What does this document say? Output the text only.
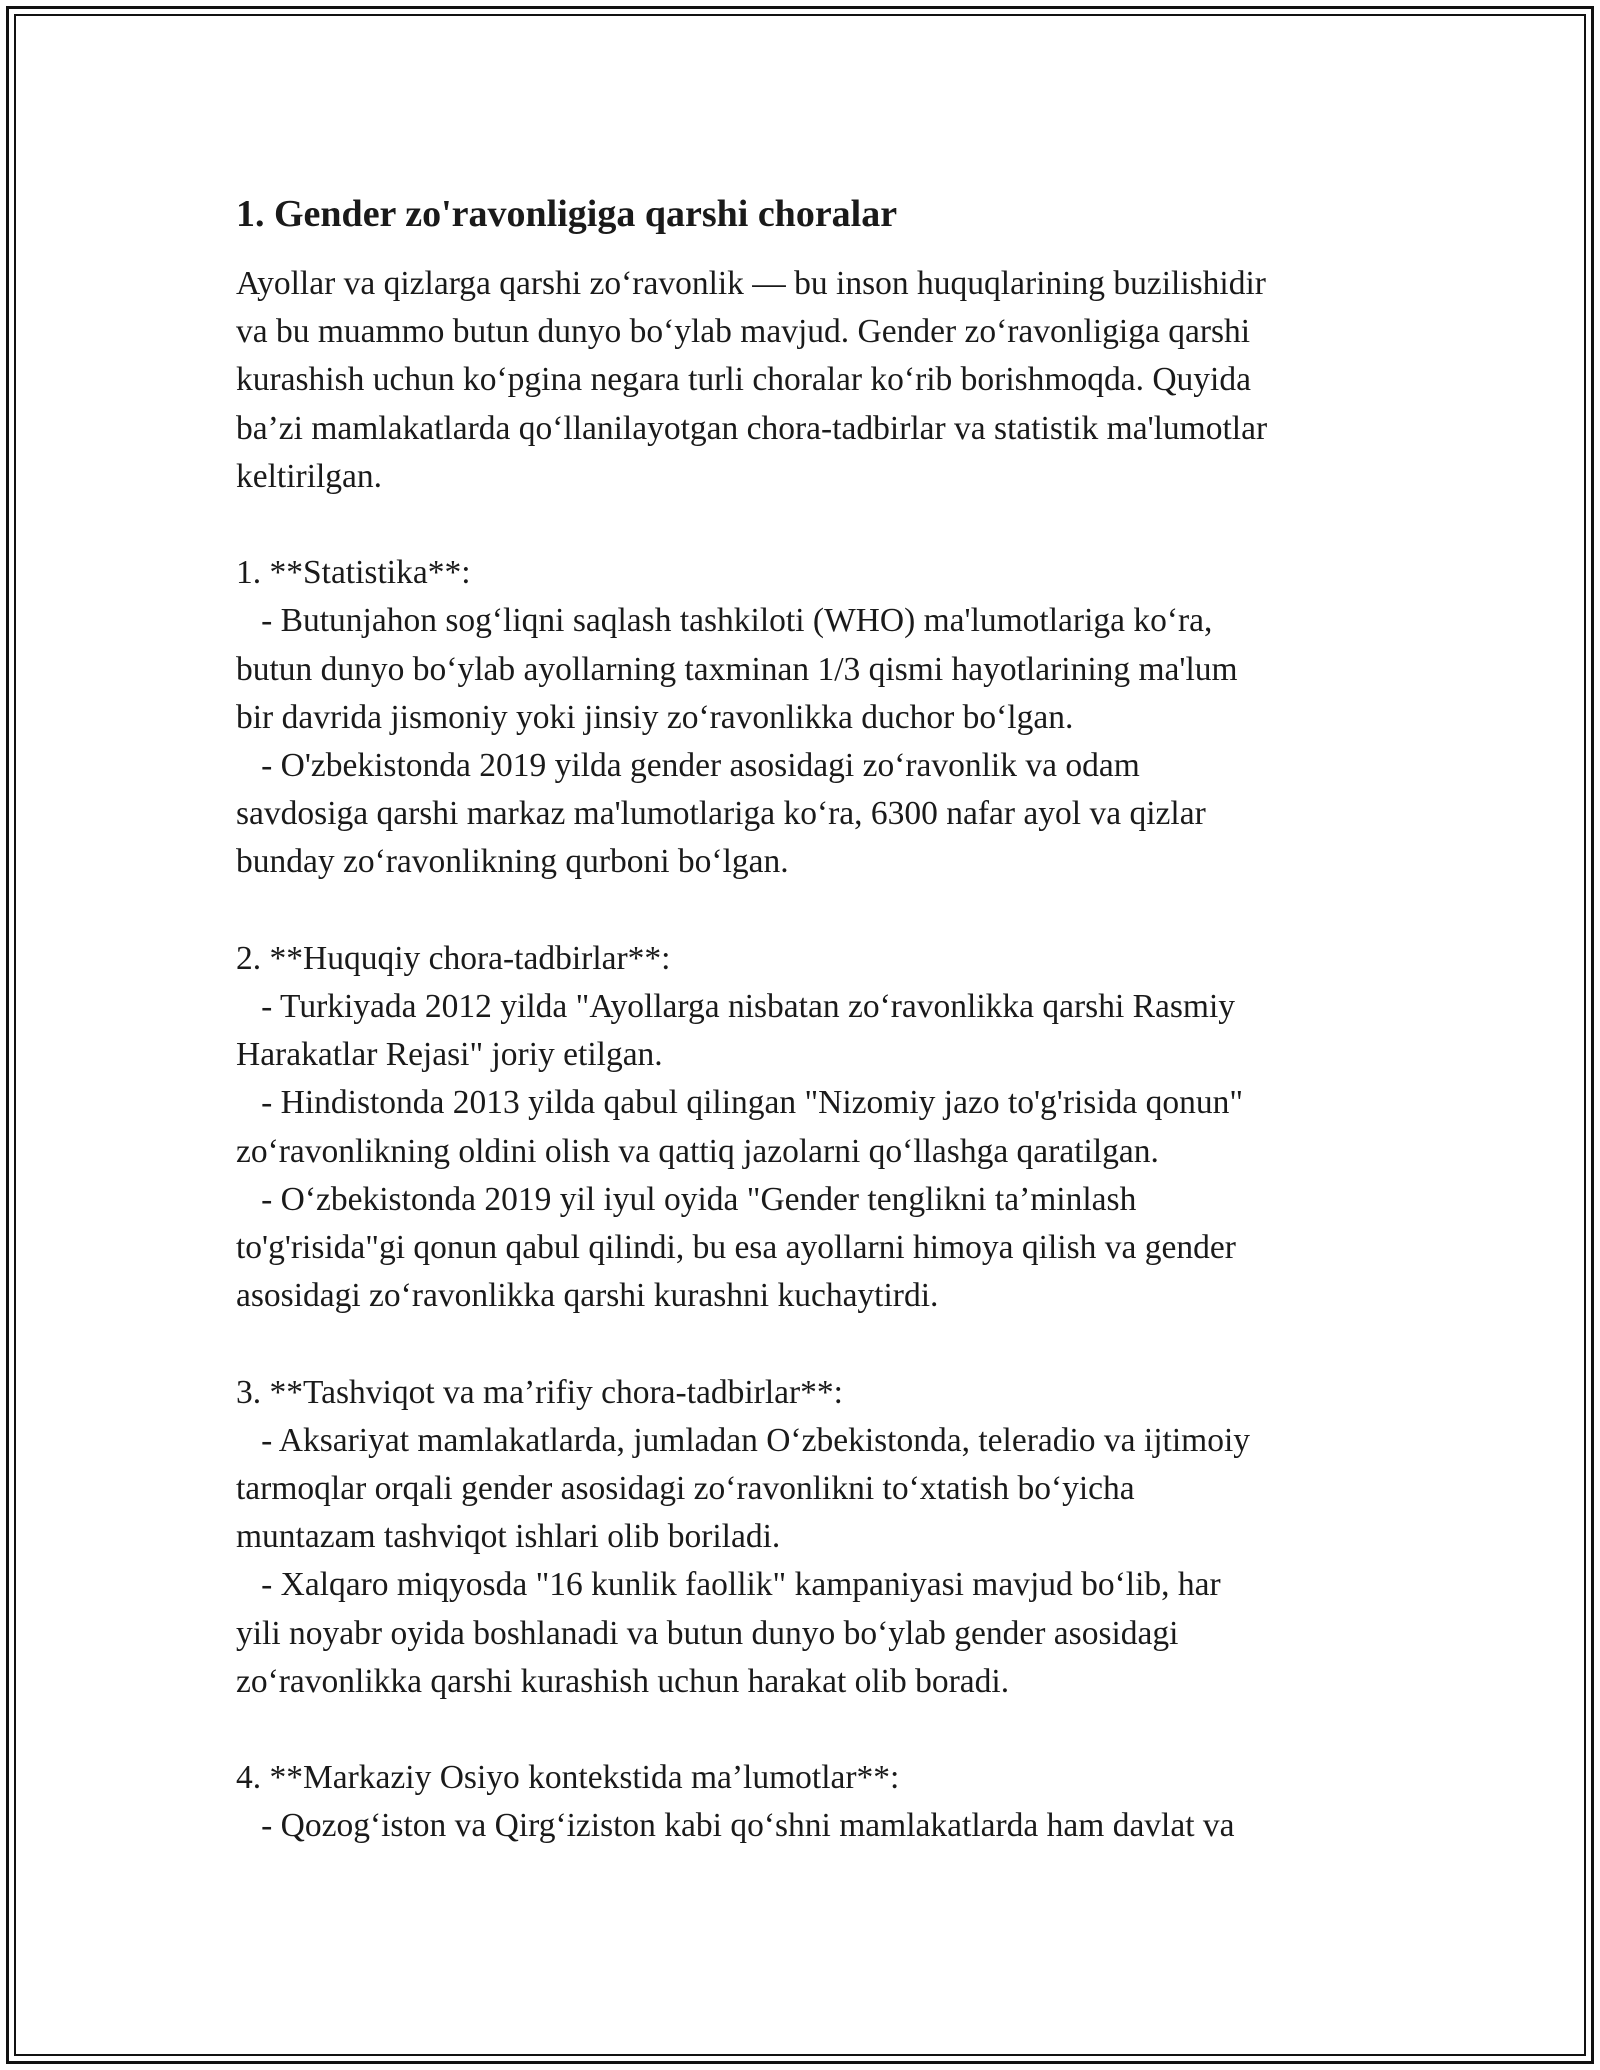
1. Gender zo'ravonligiga qarshi choralar
Ayollar va qizlarga qarshi zo‘ravonlik — bu inson huquqlarining buzilishidir
va bu muammo butun dunyo bo‘ylab mavjud. Gender zo‘ravonligiga qarshi
kurashish uchun ko‘pgina negara turli choralar ko‘rib borishmoqda. Quyida
ba’zi mamlakatlarda qo‘llanilayotgan chora-tadbirlar va statistik ma'lumotlar
keltirilgan.
1. **Statistika**:
- Butunjahon sog‘liqni saqlash tashkiloti (WHO) ma'lumotlariga ko‘ra,
butun dunyo bo‘ylab ayollarning taxminan 1/3 qismi hayotlarining ma'lum
bir davrida jismoniy yoki jinsiy zo‘ravonlikka duchor bo‘lgan.
- O'zbekistonda 2019 yilda gender asosidagi zo‘ravonlik va odam
savdosiga qarshi markaz ma'lumotlariga ko‘ra, 6300 nafar ayol va qizlar
bunday zo‘ravonlikning qurboni bo‘lgan.
2. **Huquqiy chora-tadbirlar**:
- Turkiyada 2012 yilda "Ayollarga nisbatan zo‘ravonlikka qarshi Rasmiy
Harakatlar Rejasi" joriy etilgan.
- Hindistonda 2013 yilda qabul qilingan "Nizomiy jazo to'g'risida qonun"
zo‘ravonlikning oldini olish va qattiq jazolarni qo‘llashga qaratilgan.
- O‘zbekistonda 2019 yil iyul oyida "Gender tenglikni ta’minlash
to'g'risida"gi qonun qabul qilindi, bu esa ayollarni himoya qilish va gender
asosidagi zo‘ravonlikka qarshi kurashni kuchaytirdi.
3. **Tashviqot va ma’rifiy chora-tadbirlar**:
- Aksariyat mamlakatlarda, jumladan O‘zbekistonda, teleradio va ijtimoiy
tarmoqlar orqali gender asosidagi zo‘ravonlikni to‘xtatish bo‘yicha
muntazam tashviqot ishlari olib boriladi.
- Xalqaro miqyosda "16 kunlik faollik" kampaniyasi mavjud bo‘lib, har
yili noyabr oyida boshlanadi va butun dunyo bo‘ylab gender asosidagi
zo‘ravonlikka qarshi kurashish uchun harakat olib boradi.
4. **Markaziy Osiyo kontekstida ma’lumotlar**:
- Qozog‘iston va Qirg‘iziston kabi qo‘shni mamlakatlarda ham davlat va
